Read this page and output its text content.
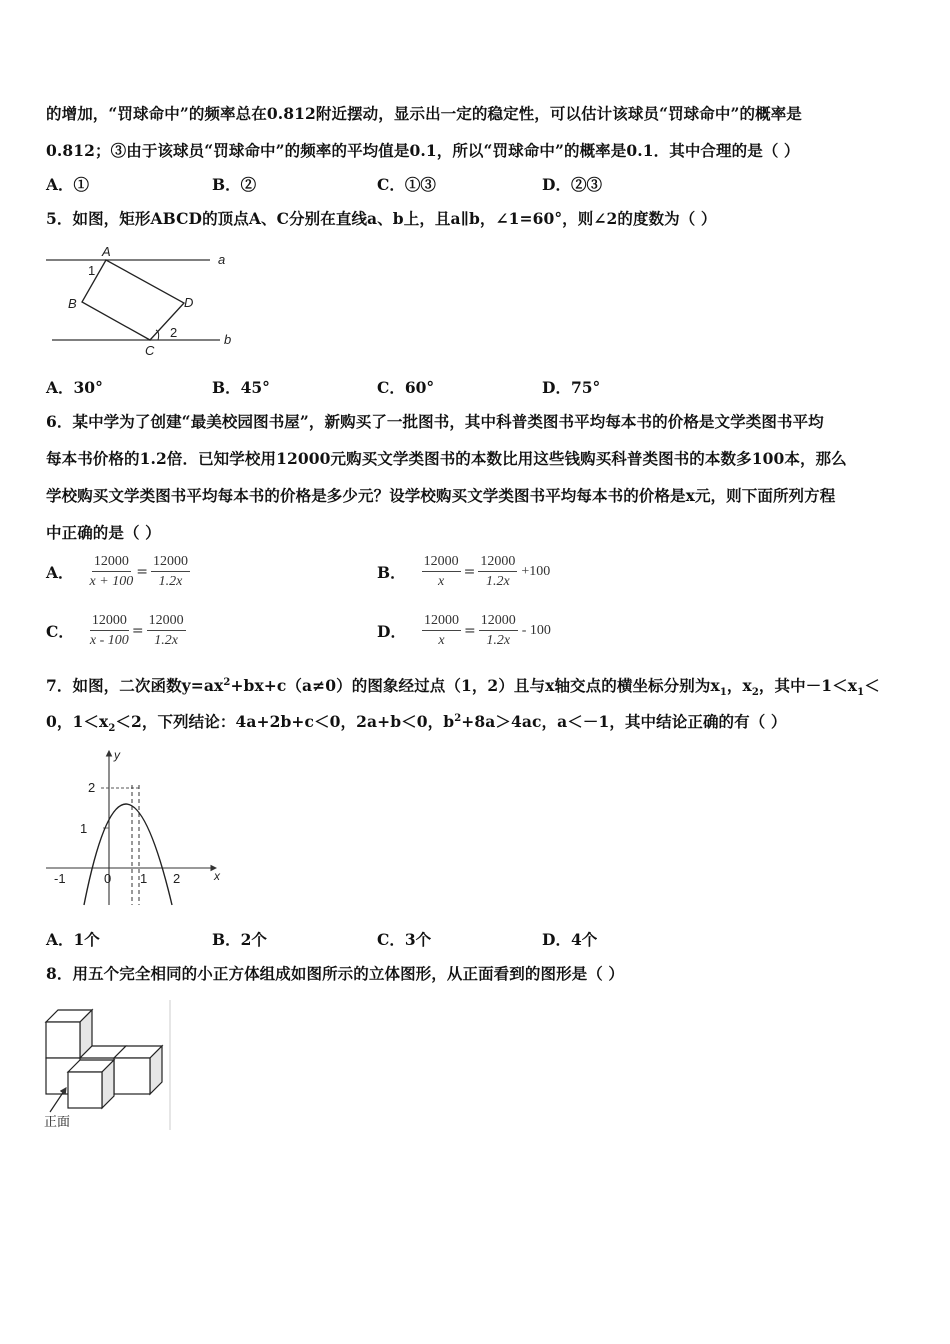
的增加，“罚球命中”的频率总在0.812附近摆动，显示出一定的稳定性，可以估计该球员“罚球命中”的概率是
0.812；③由于该球员“罚球命中”的频率的平均值是0.1，所以“罚球命中”的概率是0.1．其中合理的是（ ）
A．①	B．②	C．①③	D．②③
5．如图，矩形ABCD的顶点A、C分别在直线a、b上，且a∥b，∠1=60°，则∠2的度数为（ ）
A
1
B	D
2
C
a
b
A．30°	B．45°	C．60°	D．75°
6．某中学为了创建“最美校园图书屋”，新购买了一批图书，其中科普类图书平均每本书的价格是文学类图书平均
每本书价格的1.2倍．已知学校用12000元购买文学类图书的本数比用这些钱购买科普类图书的本数多100本，那么
学校购买文学类图书平均每本书的价格是多少元？设学校购买文学类图书平均每本书的价格是x元，则下面所列方程
中正确的是（ ）
A． $\frac{12000}{x + 100} = \frac{12000}{1.2x}$	B． $\frac{12000}{x} = \frac{12000}{1.2x} +100$
C． $\frac{12000}{x - 100} = \frac{12000}{1.2x}$	D． $\frac{12000}{x} = \frac{12000}{1.2x} - 100$
7．如图，二次函数$y=ax^2+bx+c(a\ne 0)$的图象经过点（1，2）且与x轴交点的横坐标分别为$x_1$，$x_2$，其中$-1<x_1<$
0，$1<x_2<2$，下列结论：4a+2b+c＜0，2a+b＜0，$b^2+8a>4ac$，a＜－1，其中结论正确的有（ ）
y
x
2
1
-1	0 1 2
A．1个	B．2个	C．3个	D．4个
8．用五个完全相同的小正方体组成如图所示的立体图形，从正面看到的图形是（ ）
正面
